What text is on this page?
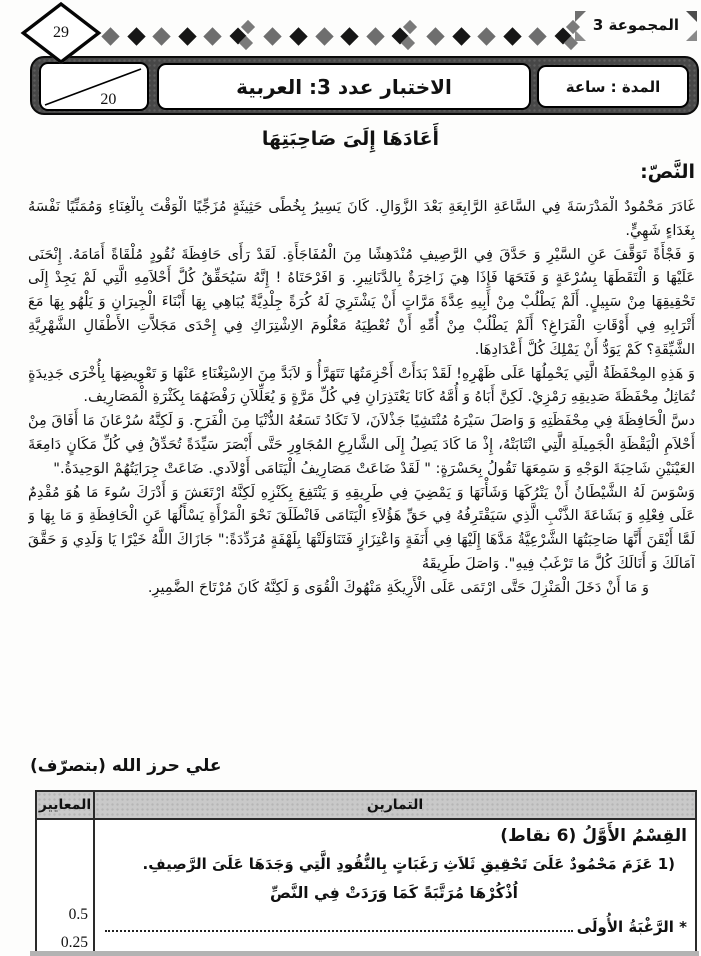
29	المجموعة 3
المدة : ساعة
الاختبار عدد 3: العربية
20
أَعَادَهَا إِلَىَ صَاحِبَتِهَا
النَّصّ:

غَادَرَ مَحْمُودٌ الْمَدْرَسَةَ فِي السَّاعَةِ الرَّابِعَةِ بَعْدَ الزَّوَالِ. كَانَ يَسِيرُ بِخُطًى حَثِيثَةٍ مُزَجِّيًا الْوَقْتَ بِالْغِنَاءِ وَمُمَنِّيًا نَفْسَهُ بِغَدَاءٍ شَهِيٍّ.

وَ فَجْأَةً تَوَقَّفَ عَنِ السَّيْرِ وَ حَدَّقَ فِي الرَّصِيفِ مُنْدَهِشًا مِنَ الْمُفَاجَأَةِ. لَقَدْ رَأَى حَافِظَةَ نُقُودٍ مُلْقَاةً أَمَامَهُ. إِنْحَنَى عَلَيْهَا وَ الْتَقَطَهَا بِسُرْعَةٍ وَ فَتَحَهَا فَإِذَا هِيَ زَاخِرَةٌ بِالدَّنَانِيرِ. وَ افَرْحَتَاهُ ! إِنَّهُ سَيُحَقِّقُ كُلَّ أَحْلاَمِهِ الَّتِي لَمْ يَجِدْ إِلَى تَحْقِيقِهَا مِنْ سَبِيلٍ. أَلَمْ يَطْلُبْ مِنْ أَبِيهِ عِدَّةَ مَرَّاتٍ أَنْ يَشْتَرِيَ لَهُ كُرَةً جِلْدِيَّةً يُبَاهِي بِهَا أَبْنَاءَ الْجِيرَانِ وَ يَلْهُو بِهَا مَعَ أَتْرَابِهِ فِي أَوْقَاتِ الْفَرَاغِ؟ أَلَمْ يَطْلُبْ مِنْ أُمِّهِ أَنْ تُعْطِيَهُ مَعْلُومَ الاِشْتِرَاكِ فِي إِحْدَى مَجَلاَّتِ الأَطْفَالِ الشَّهْرِيَّةِ الشَّيِّقَةِ؟ كَمْ يَوَدُّ أَنْ يَمْلِكَ كُلَّ أَعْدَادِهَا.

وَ هَذِهِ المِحْفَظَةُ الَّتِي يَحْمِلُهَا عَلَى ظَهْرِهِ! لَقَدْ بَدَأَتْ أَحْزِمَتُهَا تَتَهَرَّأُ وَ لاَبَدَّ مِنَ الاِسْتِغْنَاءِ عَنْهَا وَ تَعْوِيضِهَا بِأُخْرَى جَدِيدَةٍ تُمَاثِلُ مِحْفَظَةَ صَدِيقِهِ رَمْزِيْ. لَكِنَّ أَبَاهُ وَ أُمَّهُ كَانَا يَعْتَذِرَانِ فِي كُلِّ مَرَّةٍ وَ يُعَلِّلاَنِ رَفْضَهُمَا بِكَثْرَةِ الْمَصَارِيف.

دسَّ الْحَافِظَةَ فِي مِحْفَظَتِهِ وَ وَاصَلَ سَيْرَهُ مُنْتَشِيًا جَذْلاَنَ، لاَ تَكَادُ تَسَعُهُ الدُّنْيَا مِنَ الْفَرَحِ. وَ لَكِنَّهُ سُرْعَانَ مَا أَفَاقَ مِنْ أَحْلاَمِ الْيَقْظَةِ الْجَمِيلَةِ الَّتِي انْتَابَتْهُ، إِذْ مَا كَادَ يَصِلُ إِلَى الشَّارِعِ المُجَاوِرِ حَتَّى أَبْصَرَ سَيِّدَةً تُحَدِّقُ فِي كُلِّ مَكَانٍ دَامِعَةَ العَيْنَيْنِ شَاحِبَةَ الوَجْهِ وَ سَمِعَهَا تَقُولُ بِحَسْرَةٍ: " لَقَدْ ضَاعَتْ مَصَارِيفُ الْيَتَامَى أَوْلاَدي. ضَاعَتْ جِرَايَتُهُمْ الوَحِيدَةُ."

وَسْوَسَ لَهُ الشَّيْطَانُ أَنْ يَتْرُكَهَا وَشَأْنَهَا وَ يَمْضِيَ فِي طَرِيقِهِ وَ يَنْتَفِعَ بِكَنْزِهِ لَكِنَّهُ ارْتَعَشَ وَ أَدْرَكَ سُوءَ مَا هُوَ مُقْدِمٌ عَلَى فِعْلِهِ وَ بَشَاعَةَ الذَّنْبِ الَّذِي سَيَقْتَرِفُهُ فِي حَقِّ هَؤُلاَءِ الْيَتَامَى فَانْطَلَقَ نَحْوَ الْمَرْأَةِ يَسْأَلُهَا عَنِ الْحَافِظَةِ وَ مَا بِهَا وَ لَمَّا أَيْقَنَ أَنَّهَا صَاحِبَتُهَا الشَّرْعِيَّةُ مَدَّهَا إِلَيْهَا فِي أَنَفَةٍ وَاعْتِزَازٍ فَتَنَاوَلَتْهَا بِلَهْفَةٍ مُرَدِّدَةً:" جَازَاكَ اللَّهُ خَيْرًا يَا وَلَدِي وَ حَقَّقَ آمَالَكَ وَ أَنَالَكَ كُلَّ مَا تَرْغَبُ فِيهِ". وَاصَلَ طَرِيقَهُ

وَ مَا أَنْ دَخَلَ الْمَنْزِلَ حَتَّى ارْتَمَى عَلَى الْأَرِيكَةِ مَنْهُوكَ الْقُوَى وَ لَكِنَّهُ كَانَ مُرْتَاحَ الضَّمِيرِ.

علي حرز الله (بتصرّف)
المعايير
0.5
0.25
التمارين
القِسْمُ الأَوَّلُ (6 نقاط)
1) عَزَمَ مَحْمُودٌ عَلَىَ تَحْقِيقِ ثَلاَثِ رَغَبَاتٍ بِالنُّقُودِ الَّتِي وَجَدَهَا عَلَىَ الرَّصِيفِ.
اُذْكُرْهَا مُرَتَّبَةً كَمَا وَرَدَتْ فِي النَّصِّ
* الرَّغْبَةُ الأُولَى
